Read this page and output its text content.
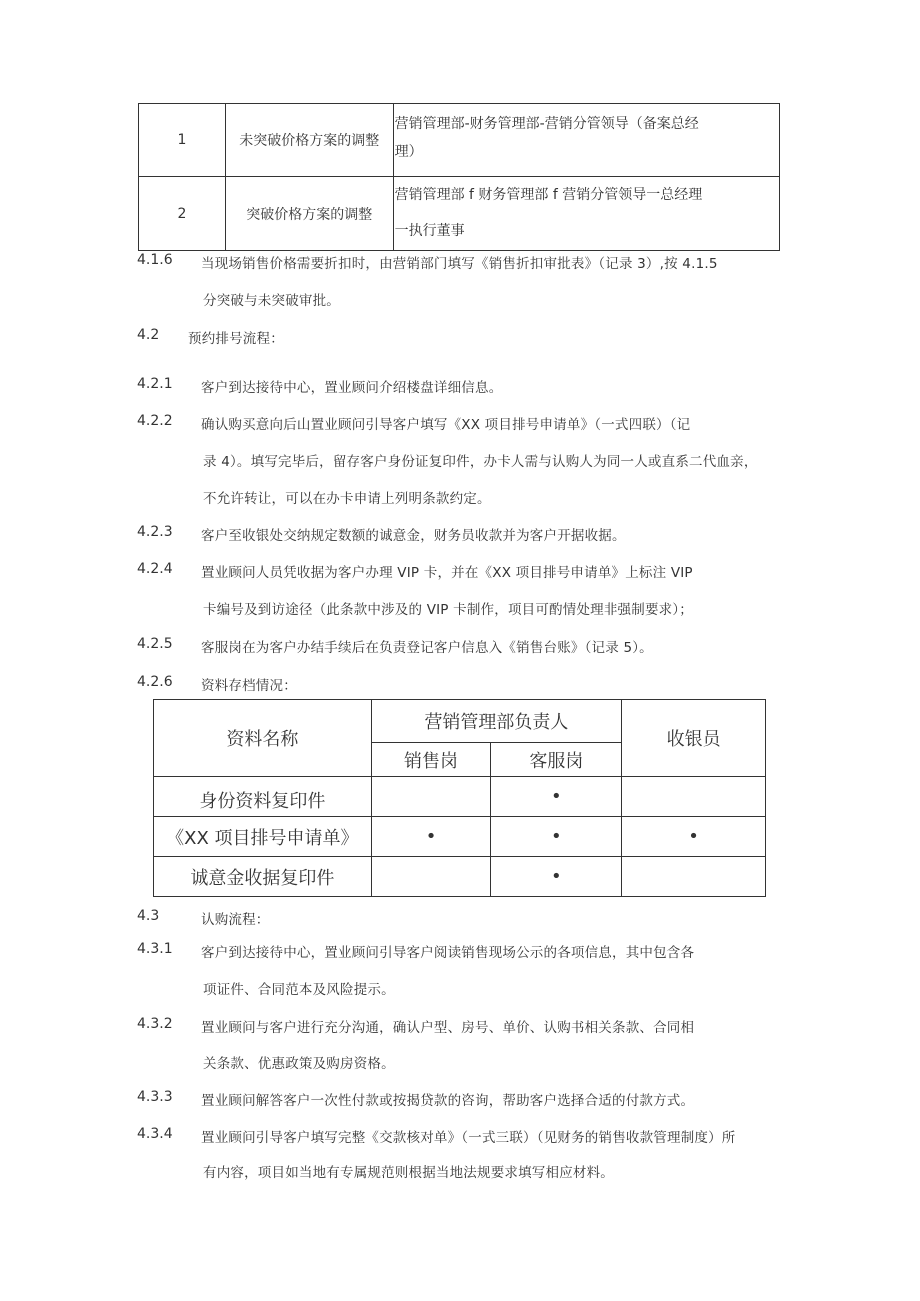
1	未突破价格方案的调整	营销管理部-财务管理部-营销分管领导（备案总经
理）

2	突破价格方案的调整	营销管理部 f 财务管理部 f 营销分管领导一总经理
一执行董事
4.1.6 当现场销售价格需要折扣时，由营销部门填写《销售折扣审批表》（记录 3）,按 4.1.5
分突破与未突破审批。
4.2 预约排号流程：
4.2.1 客户到达接待中心，置业顾问介绍楼盘详细信息。
4.2.2 确认购买意向后山置业顾问引导客户填写《XX 项目排号申请单》（一式四联）（记
录 4）。填写完毕后，留存客户身份证复印件，办卡人需与认购人为同一人或直系二代血亲，
不允许转让，可以在办卡申请上列明条款约定。
4.2.3 客户至收银处交纳规定数额的诚意金，财务员收款并为客户开据收据。
4.2.4 置业顾问人员凭收据为客户办理 VIP 卡，并在《XX 项目排号申请单》上标注 VIP
卡编号及到访途径（此条款中涉及的 VIP 卡制作，项目可酌情处理非强制要求）；
4.2.5 客服岗在为客户办结手续后在负责登记客户信息入《销售台账》（记录 5）。
4.2.6 资料存档情况：
资料名称	营销管理部负责人		收银员
	销售岗	客服岗	
身份资料复印件		•	
《XX 项目排号申请单》	•	•	•
诚意金收据复印件		•	
4.3	认购流程：
4.3.1 客户到达接待中心，置业顾问引导客户阅读销售现场公示的各项信息，其中包含各
项证件、合同范本及风险提示。
4.3.2 置业顾问与客户进行充分沟通，确认户型、房号、单价、认购书相关条款、合同相
关条款、优惠政策及购房资格。
4.3.3 置业顾问解答客户一次性付款或按揭贷款的咨询，帮助客户选择合适的付款方式。
4.3.4 置业顾问引导客户填写完整《交款核对单》（一式三联）（见财务的销售收款管理制度）所
有内容，项目如当地有专属规范则根据当地法规要求填写相应材料。
